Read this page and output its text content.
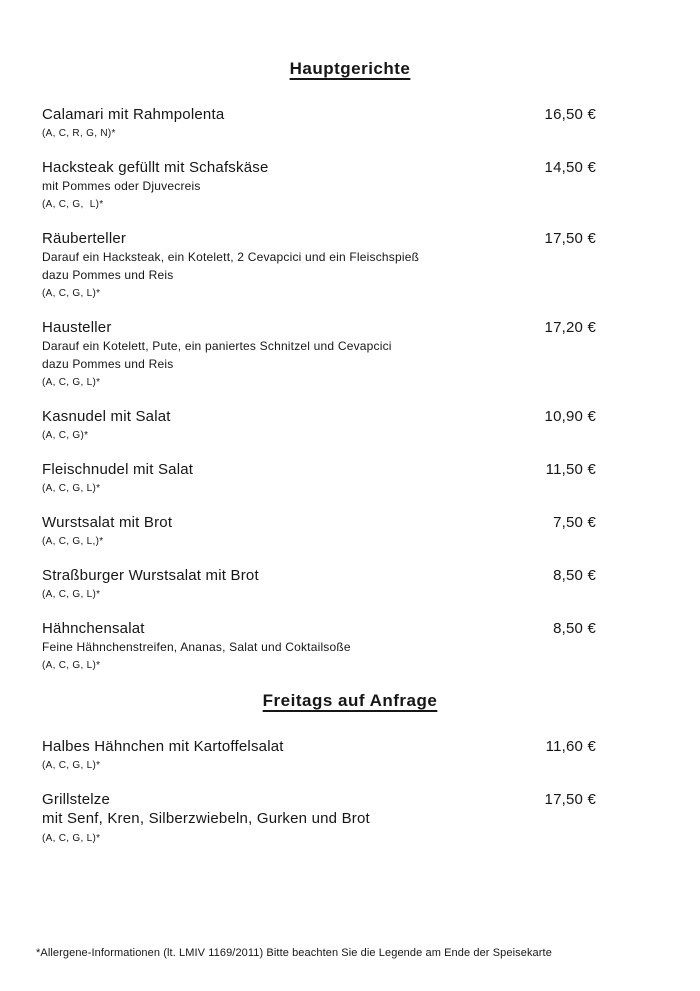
Hauptgerichte
Calamari mit Rahmpolenta	16,50 €
(A, C, R, G, N)*
Hacksteak gefüllt mit Schafskäse	14,50 €
mit Pommes oder Djuvecreis
(A, C, G,  L)*
Räuberteller	17,50 €
Darauf ein Hacksteak, ein Kotelett, 2 Cevapcici und ein Fleischspieß
dazu Pommes und Reis
(A, C, G, L)*
Hausteller	17,20 €
Darauf ein Kotelett, Pute, ein paniertes Schnitzel und Cevapcici
dazu Pommes und Reis
(A, C, G, L)*
Kasnudel mit Salat	10,90 €
(A, C, G)*
Fleischnudel mit Salat	11,50 €
(A, C, G, L)*
Wurstsalat mit Brot	7,50 €
(A, C, G, L,)*
Straßburger Wurstsalat mit Brot	8,50 €
(A, C, G, L)*
Hähnchensalat	8,50 €
Feine Hähnchenstreifen, Ananas, Salat und Coktailsoße
(A, C, G, L)*
Freitags auf Anfrage
Halbes Hähnchen mit Kartoffelsalat	11,60 €
(A, C, G, L)*
Grillstelze	17,50 €
mit Senf, Kren, Silberzwiebeln, Gurken und Brot
(A, C, G, L)*
*Allergene-Informationen (lt. LMIV 1169/2011) Bitte beachten Sie die Legende am Ende der Speisekarte
